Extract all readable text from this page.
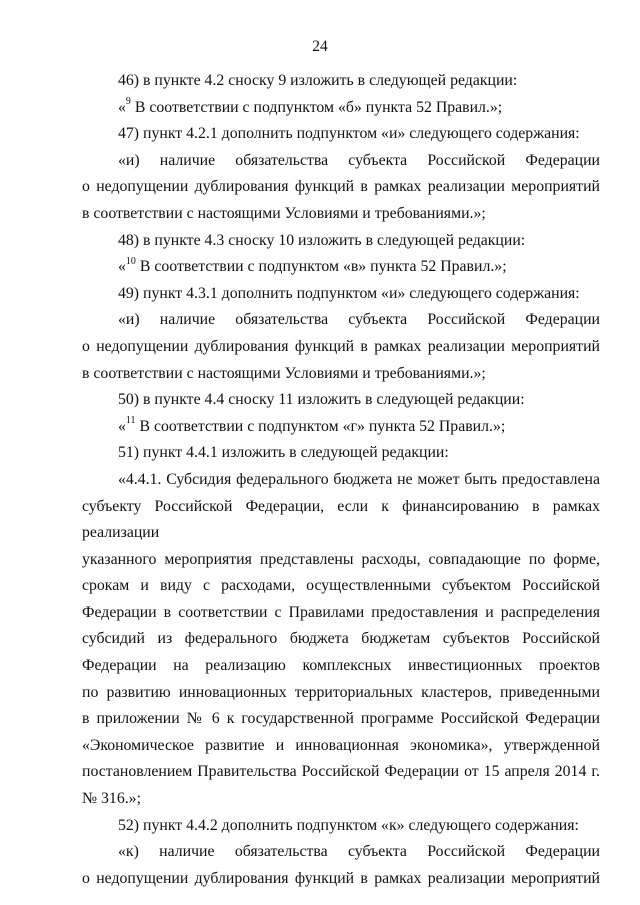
24

46) в пункте 4.2 сноску 9 изложить в следующей редакции:

«$^9$ В соответствии с подпунктом «б» пункта 52 Правил.»;

47) пункт 4.2.1 дополнить подпунктом «и» следующего содержания:

«и) наличие обязательства субъекта Российской Федерации

о недопущении дублирования функций в рамках реализации мероприятий

в соответствии с настоящими Условиями и требованиями.»;

48) в пункте 4.3 сноску 10 изложить в следующей редакции:

«$^{10}$ В соответствии с подпунктом «в» пункта 52 Правил.»;

49) пункт 4.3.1 дополнить подпунктом «и» следующего содержания:

«и) наличие обязательства субъекта Российской Федерации

о недопущении дублирования функций в рамках реализации мероприятий

в соответствии с настоящими Условиями и требованиями.»;

50) в пункте 4.4 сноску 11 изложить в следующей редакции:

«$^{11}$ В соответствии с подпунктом «г» пункта 52 Правил.»;

51) пункт 4.4.1 изложить в следующей редакции:

«4.4.1. Субсидия федерального бюджета не может быть предоставлена

субъекту Российской Федерации, если к финансированию в рамках реализации

указанного мероприятия представлены расходы, совпадающие по форме,

срокам и виду с расходами, осуществленными субъектом Российской

Федерации в соответствии с Правилами предоставления и распределения

субсидий из федерального бюджета бюджетам субъектов Российской

Федерации на реализацию комплексных инвестиционных проектов

по развитию инновационных территориальных кластеров, приведенными

в приложении № 6 к государственной программе Российской Федерации

«Экономическое развитие и инновационная экономика», утвержденной

постановлением Правительства Российской Федерации от 15 апреля 2014 г.

№ 316.»;

52) пункт 4.4.2 дополнить подпунктом «к» следующего содержания:

«к) наличие обязательства субъекта Российской Федерации

о недопущении дублирования функций в рамках реализации мероприятий
